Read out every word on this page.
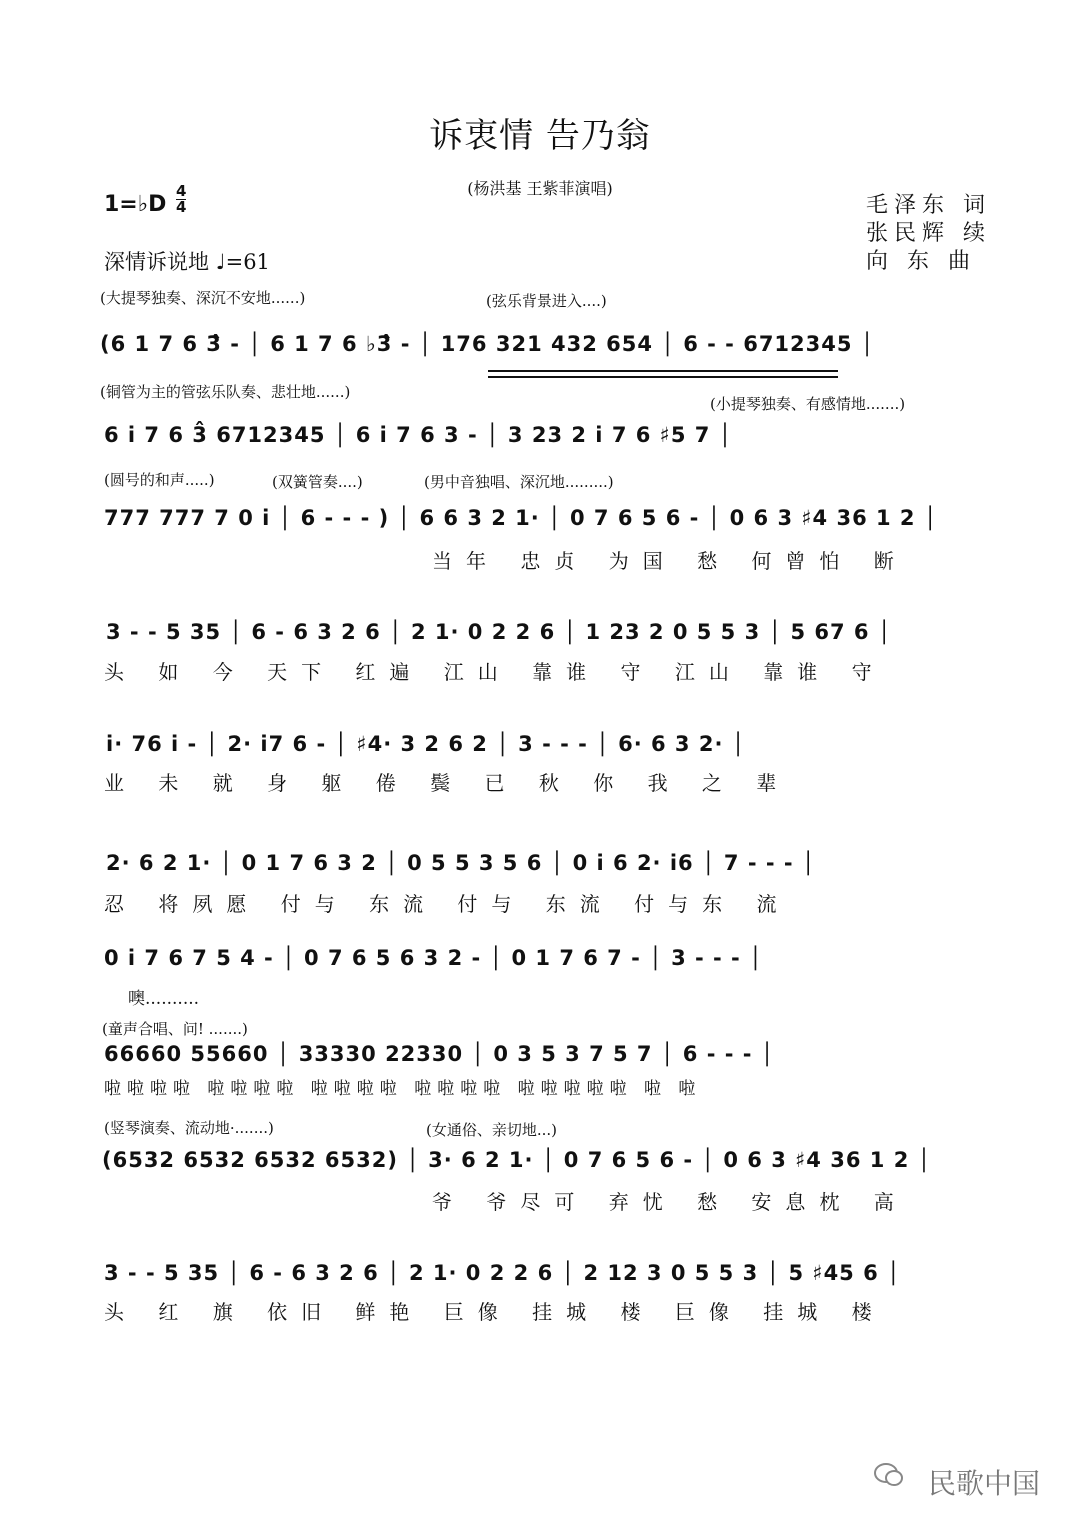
诉衷情 告乃翁
(杨洪基 王紫菲演唱)
1=♭D
4
4	毛泽东 词
张民辉 续
向 东 曲
深情诉说地 ♩=61
(大提琴独奏、深沉不安地......)	(弦乐背景进入....)
(6 1 7 6 3̂ - │ 6 1 7 6 ♭3̂ - │ 176 321 432 654 │ 6 - - 6712345 │
(铜管为主的管弦乐队奏、悲壮地......)
(小提琴独奏、有感情地.......)
6 i 7 6 3̂ 6712345 │ 6 i 7 6 3 - │ 3 23 2 i 7 6 ♯5 7 │
(圆号的和声.....)	(双簧管奏....)	(男中音独唱、深沉地.........)
777 777 7 0 i │ 6 - - - ) │ 6 6 3 2 1· │ 0 7 6 5 6 - │ 0 6 3 ♯4 36 1 2 │
当年 忠贞 为国 愁 何曾怕 断
3 - - 5 35 │ 6 - 6 3 2 6 │ 2 1· 0 2 2 6 │ 1 23 2 0 5 5 3 │ 5 67 6 │
头 如 今 天下 红遍 江山 靠谁 守 江山 靠谁 守
i· 76 i - │ 2· i7 6 - │ ♯4· 3 2 6 2 │ 3 - - - │ 6· 6 3 2· │
业 未 就 身 躯 倦 鬓 已 秋 你 我 之 辈
2· 6 2 1· │ 0 1 7 6 3 2 │ 0 5 5 3 5 6 │ 0 i 6 2· i6 │ 7 - - - │
忍 将夙愿 付与 东流 付与 东流 付与东 流
0 i 7 6 7 5 4 - │ 0 7 6 5 6 3 2 - │ 0 1 7 6 7 - │ 3 - - - │
噢..........
(童声合唱、问! .......)
66660 55660 │ 33330 22330 │ 0 3 5 3 7 5 7 │ 6 - - - │
啦啦啦啦 啦啦啦啦 啦啦啦啦 啦啦啦啦 啦啦啦啦啦 啦 啦
(竖琴演奏、流动地·.......)	(女通俗、亲切地...)
(6532 6532 6532 6532) │ 3· 6 2 1· │ 0 7 6 5 6 - │ 0 6 3 ♯4 36 1 2 │
爷 爷尽可 弃忧 愁 安息枕 高
3 - - 5 35 │ 6 - 6 3 2 6 │ 2 1· 0 2 2 6 │ 2 12 3 0 5 5 3 │ 5 ♯45 6 │
头 红 旗 依旧 鲜艳 巨像 挂城 楼 巨像 挂城 楼
民歌中国
